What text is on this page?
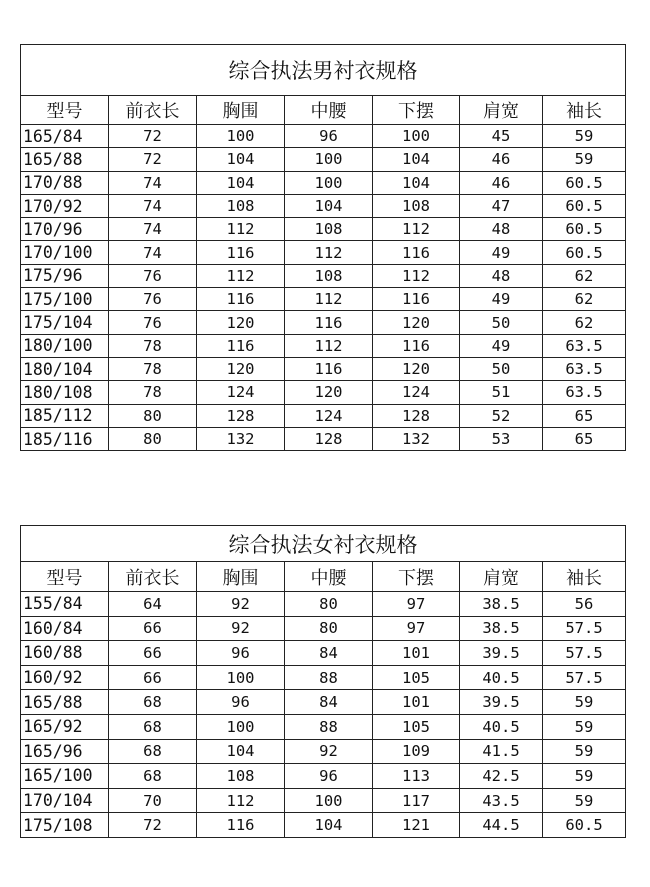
综合执法男衬衣规格						
型号	前衣长	胸围	中腰	下摆	肩宽	袖长
165/84	72	100	96	100	45	59
165/88	72	104	100	104	46	59
170/88	74	104	100	104	46	60.5
170/92	74	108	104	108	47	60.5
170/96	74	112	108	112	48	60.5
170/100	74	116	112	116	49	60.5
175/96	76	112	108	112	48	62
175/100	76	116	112	116	49	62
175/104	76	120	116	120	50	62
180/100	78	116	112	116	49	63.5
180/104	78	120	116	120	50	63.5
180/108	78	124	120	124	51	63.5
185/112	80	128	124	128	52	65
185/116	80	132	128	132	53	65
综合执法女衬衣规格						
型号	前衣长	胸围	中腰	下摆	肩宽	袖长
155/84	64	92	80	97	38.5	56
160/84	66	92	80	97	38.5	57.5
160/88	66	96	84	101	39.5	57.5
160/92	66	100	88	105	40.5	57.5
165/88	68	96	84	101	39.5	59
165/92	68	100	88	105	40.5	59
165/96	68	104	92	109	41.5	59
165/100	68	108	96	113	42.5	59
170/104	70	112	100	117	43.5	59
175/108	72	116	104	121	44.5	60.5
